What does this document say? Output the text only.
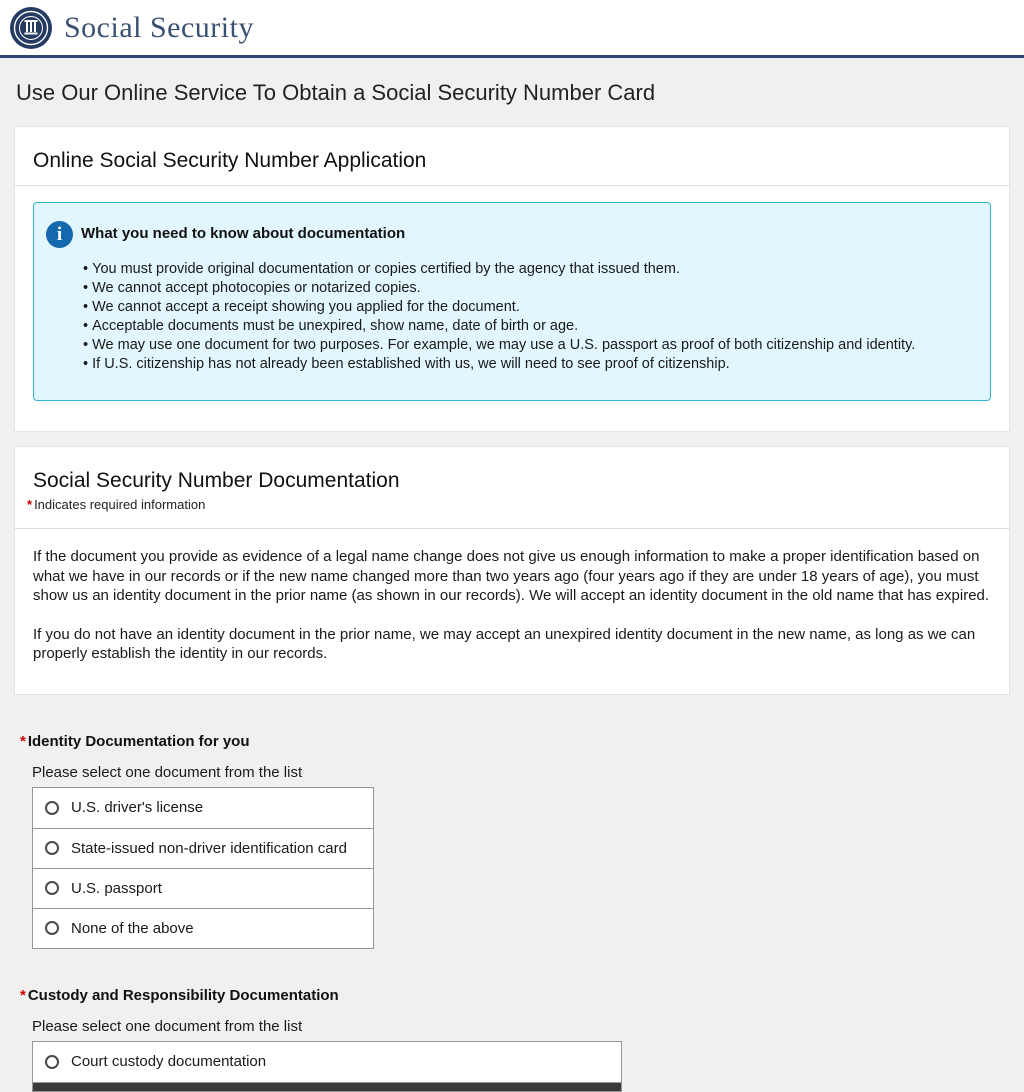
Social Security
Use Our Online Service To Obtain a Social Security Number Card
Online Social Security Number Application
i	What you need to know about documentation
• You must provide original documentation or copies certified by the agency that issued them.
• We cannot accept photocopies or notarized copies.
• We cannot accept a receipt showing you applied for the document.
• Acceptable documents must be unexpired, show name, date of birth or age.
• We may use one document for two purposes. For example, we may use a U.S. passport as proof of both citizenship and identity.
• If U.S. citizenship has not already been established with us, we will need to see proof of citizenship.
Social Security Number Documentation
* Indicates required information

If the document you provide as evidence of a legal name change does not give us enough information to make a proper identification based on what we have in our records or if the new name changed more than two years ago (four years ago if they are under 18 years of age), you must show us an identity document in the prior name (as shown in our records). We will accept an identity document in the old name that has expired.

If you do not have an identity document in the prior name, we may accept an unexpired identity document in the new name, as long as we can properly establish the identity in our records.

* Identity Documentation for you
Please select one document from the list
U.S. driver's license
State-issued non-driver identification card
U.S. passport
None of the above
* Custody and Responsibility Documentation
Please select one document from the list
Court custody documentation
